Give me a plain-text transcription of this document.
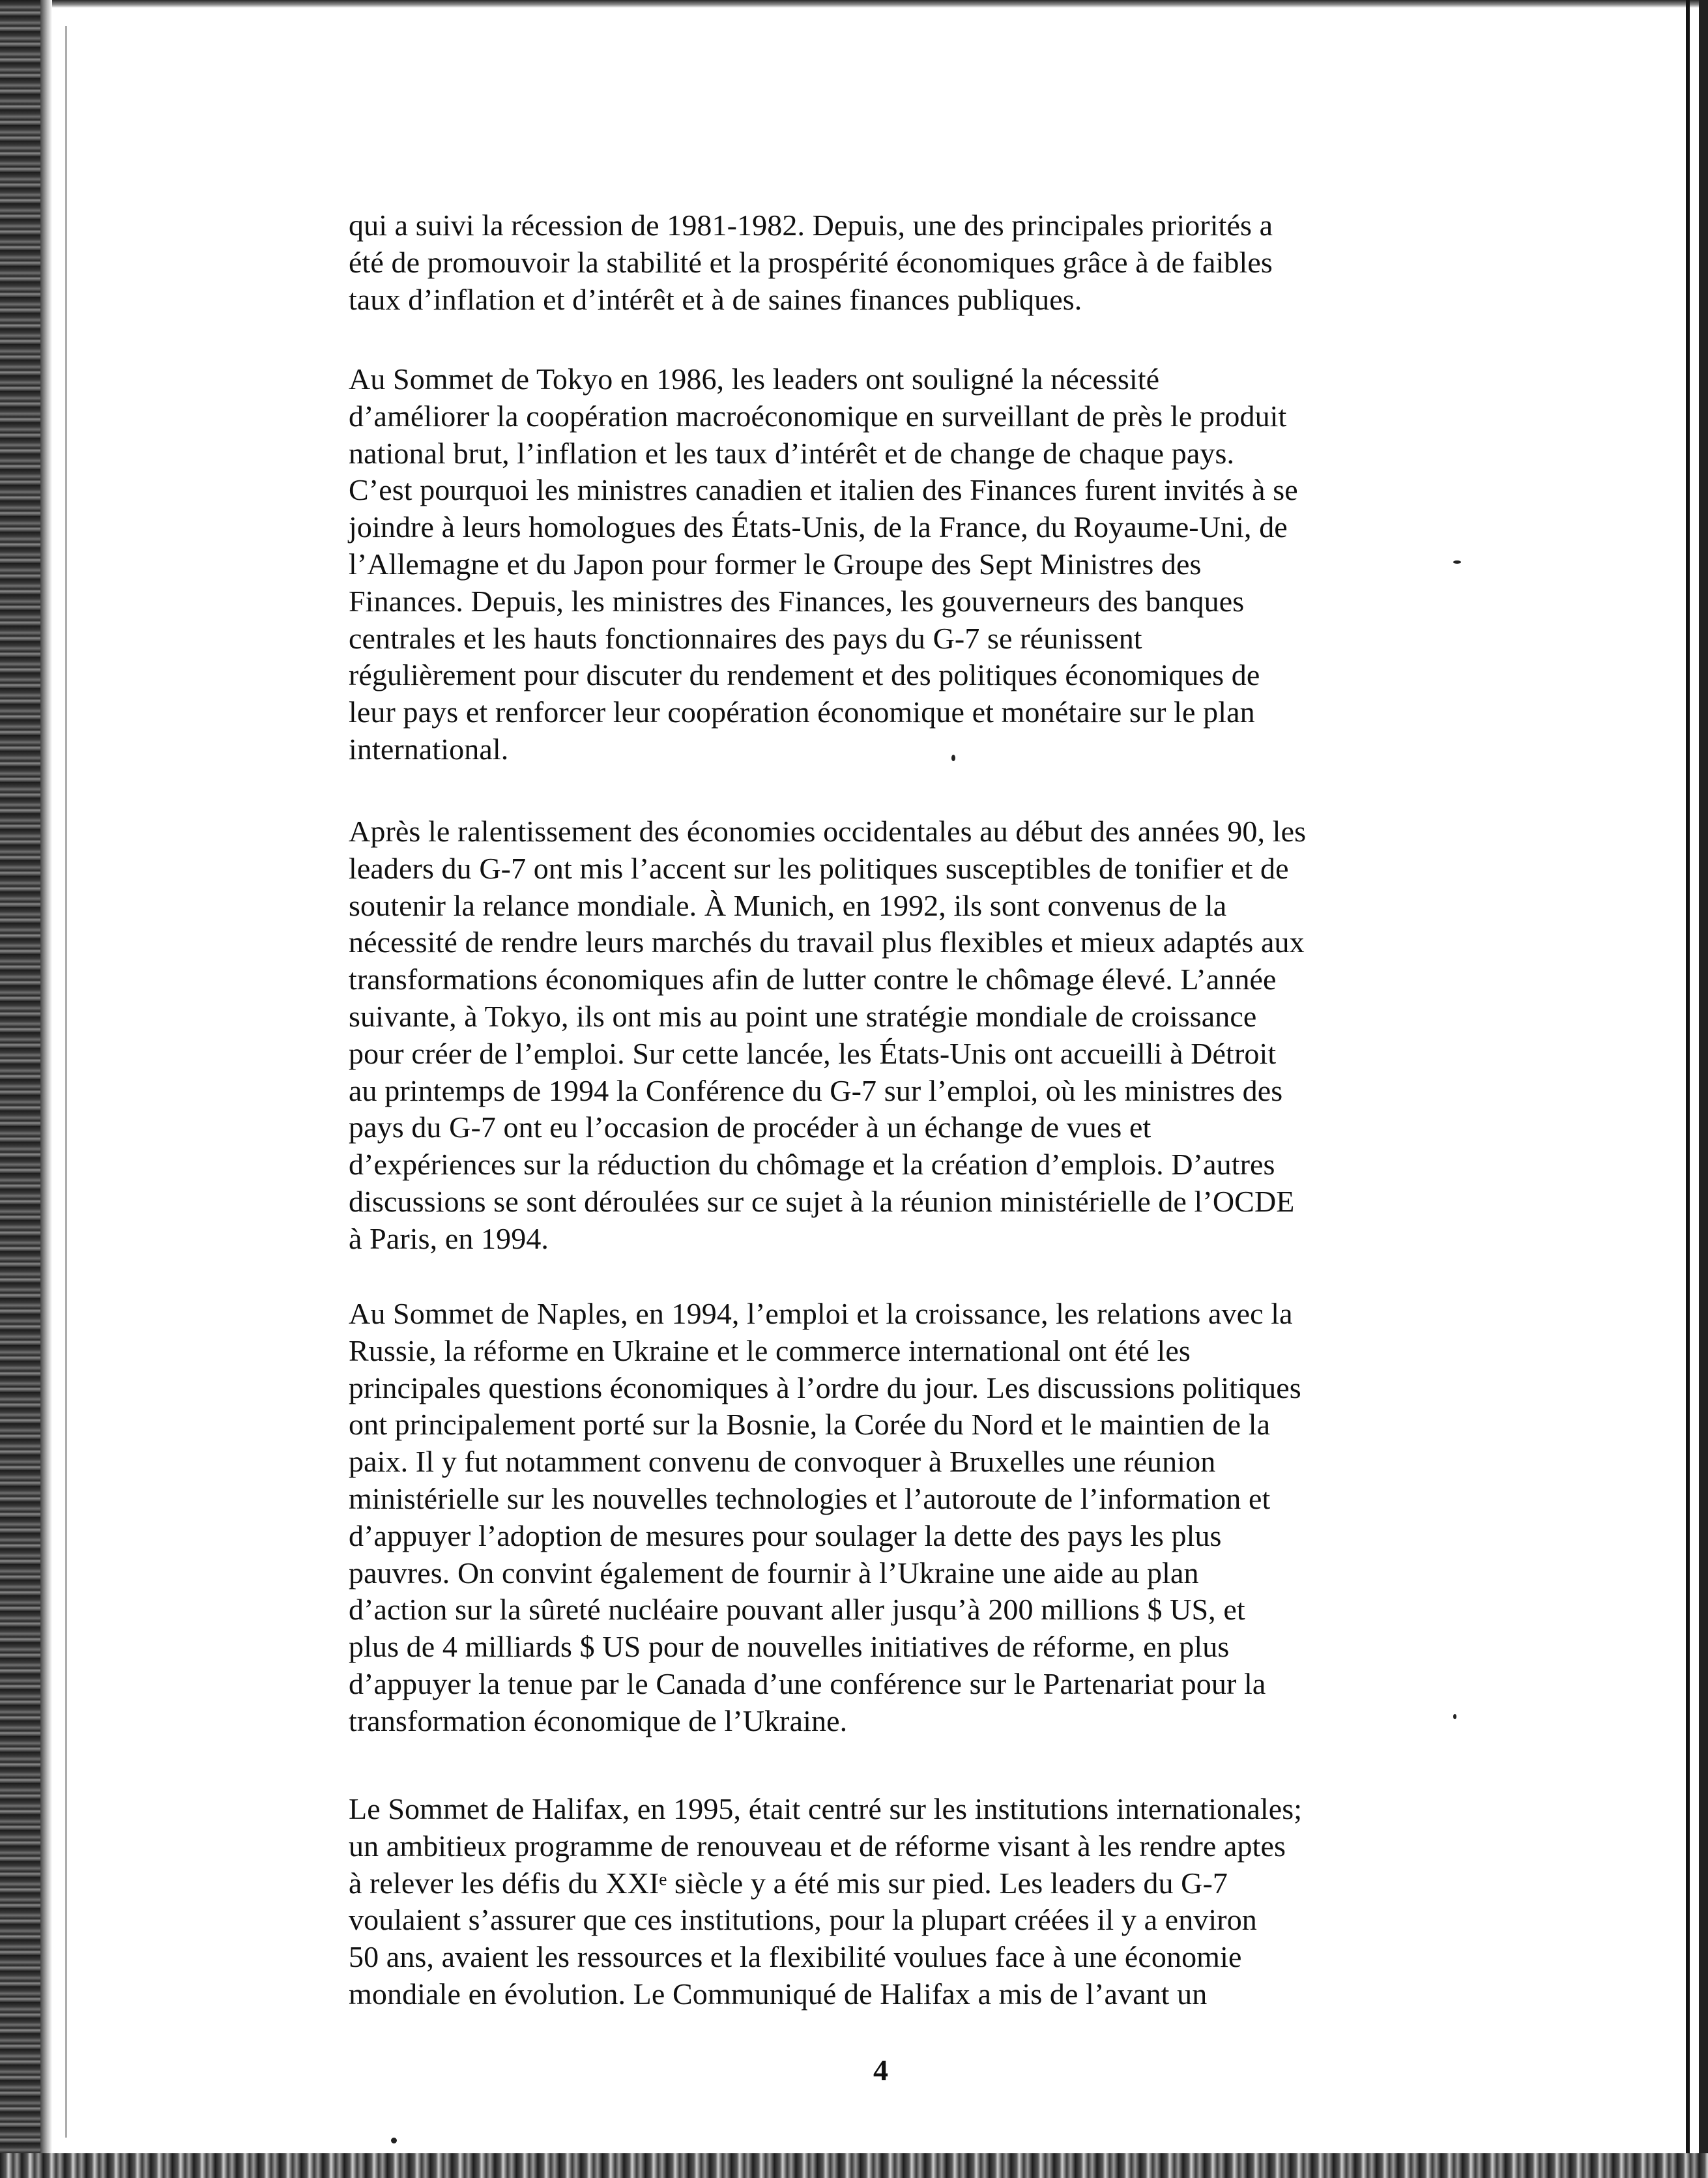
qui a suivi la récession de 1981-1982. Depuis, une des principales priorités a
été de promouvoir la stabilité et la prospérité économiques grâce à de faibles
taux d’inflation et d’intérêt et à de saines finances publiques.

Au Sommet de Tokyo en 1986, les leaders ont souligné la nécessité
d’améliorer la coopération macroéconomique en surveillant de près le produit
national brut, l’inflation et les taux d’intérêt et de change de chaque pays.
C’est pourquoi les ministres canadien et italien des Finances furent invités à se
joindre à leurs homologues des États-Unis, de la France, du Royaume-Uni, de
l’Allemagne et du Japon pour former le Groupe des Sept Ministres des
Finances. Depuis, les ministres des Finances, les gouverneurs des banques
centrales et les hauts fonctionnaires des pays du G-7 se réunissent
régulièrement pour discuter du rendement et des politiques économiques de
leur pays et renforcer leur coopération économique et monétaire sur le plan
international.

Après le ralentissement des économies occidentales au début des années 90, les
leaders du G-7 ont mis l’accent sur les politiques susceptibles de tonifier et de
soutenir la relance mondiale. À Munich, en 1992, ils sont convenus de la
nécessité de rendre leurs marchés du travail plus flexibles et mieux adaptés aux
transformations économiques afin de lutter contre le chômage élevé. L’année
suivante, à Tokyo, ils ont mis au point une stratégie mondiale de croissance
pour créer de l’emploi. Sur cette lancée, les États-Unis ont accueilli à Détroit
au printemps de 1994 la Conférence du G-7 sur l’emploi, où les ministres des
pays du G-7 ont eu l’occasion de procéder à un échange de vues et
d’expériences sur la réduction du chômage et la création d’emplois. D’autres
discussions se sont déroulées sur ce sujet à la réunion ministérielle de l’OCDE
à Paris, en 1994.

Au Sommet de Naples, en 1994, l’emploi et la croissance, les relations avec la
Russie, la réforme en Ukraine et le commerce international ont été les
principales questions économiques à l’ordre du jour. Les discussions politiques
ont principalement porté sur la Bosnie, la Corée du Nord et le maintien de la
paix. Il y fut notamment convenu de convoquer à Bruxelles une réunion
ministérielle sur les nouvelles technologies et l’autoroute de l’information et
d’appuyer l’adoption de mesures pour soulager la dette des pays les plus
pauvres. On convint également de fournir à l’Ukraine une aide au plan
d’action sur la sûreté nucléaire pouvant aller jusqu’à 200 millions $ US, et
plus de 4 milliards $ US pour de nouvelles initiatives de réforme, en plus
d’appuyer la tenue par le Canada d’une conférence sur le Partenariat pour la
transformation économique de l’Ukraine.

Le Sommet de Halifax, en 1995, était centré sur les institutions internationales;
un ambitieux programme de renouveau et de réforme visant à les rendre aptes
à relever les défis du XXIᵉ siècle y a été mis sur pied. Les leaders du G-7
voulaient s’assurer que ces institutions, pour la plupart créées il y a environ
50 ans, avaient les ressources et la flexibilité voulues face à une économie
mondiale en évolution. Le Communiqué de Halifax a mis de l’avant un

4
